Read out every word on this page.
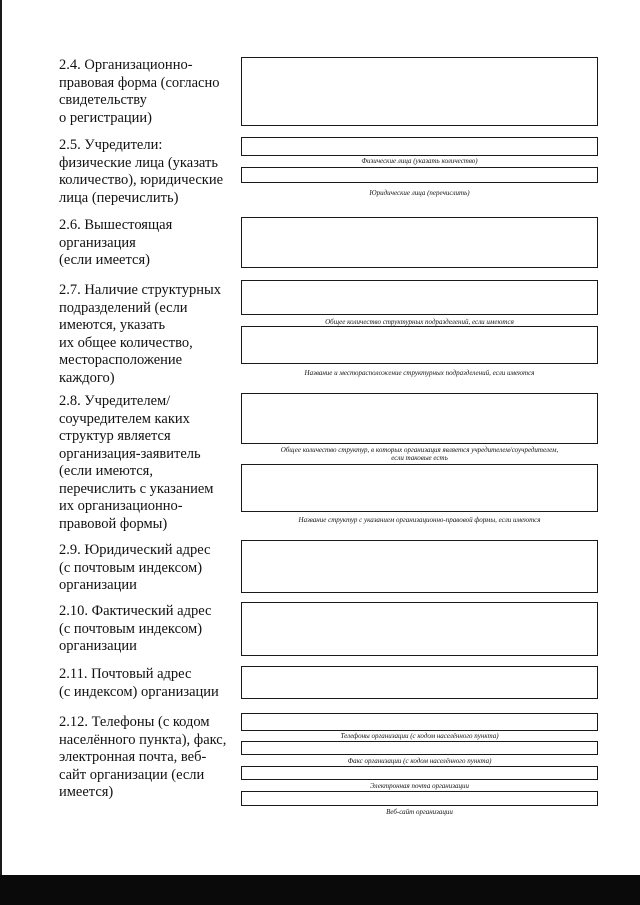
2.4. Организационно-
правовая форма (согласно
свидетельству
о регистрации)
2.5. Учредители:
физические лица (указать
количество), юридические
лица (перечислить)
Физические лица (указать количество)
Юридические лица (перечислить)
2.6. Вышестоящая
организация
(если имеется)
2.7. Наличие структурных
подразделений (если
имеются, указать
их общее количество,
месторасположение
каждого)
Общее количество структурных подразделений, если имеются
Название и месторасположение структурных подразделений, если имеются
2.8. Учредителем/
соучредителем каких
структур является
организация-заявитель
(если имеются,
перечислить с указанием
их организационно-
правовой формы)
Общее количество структур, в которых организация является учредителем/соучредителем,
если таковые есть
Название структур с указанием организационно-правовой формы, если имеются
2.9. Юридический адрес
(с почтовым индексом)
организации
2.10. Фактический адрес
(с почтовым индексом)
организации
2.11. Почтовый адрес
(с индексом) организации
2.12. Телефоны (с кодом
населённого пункта), факс,
электронная почта, веб-
сайт организации (если
имеется)
Телефоны организации (с кодом населённого пункта)
Факс организации (с кодом населённого пункта)
Электронная почта организации
Веб-сайт организации
